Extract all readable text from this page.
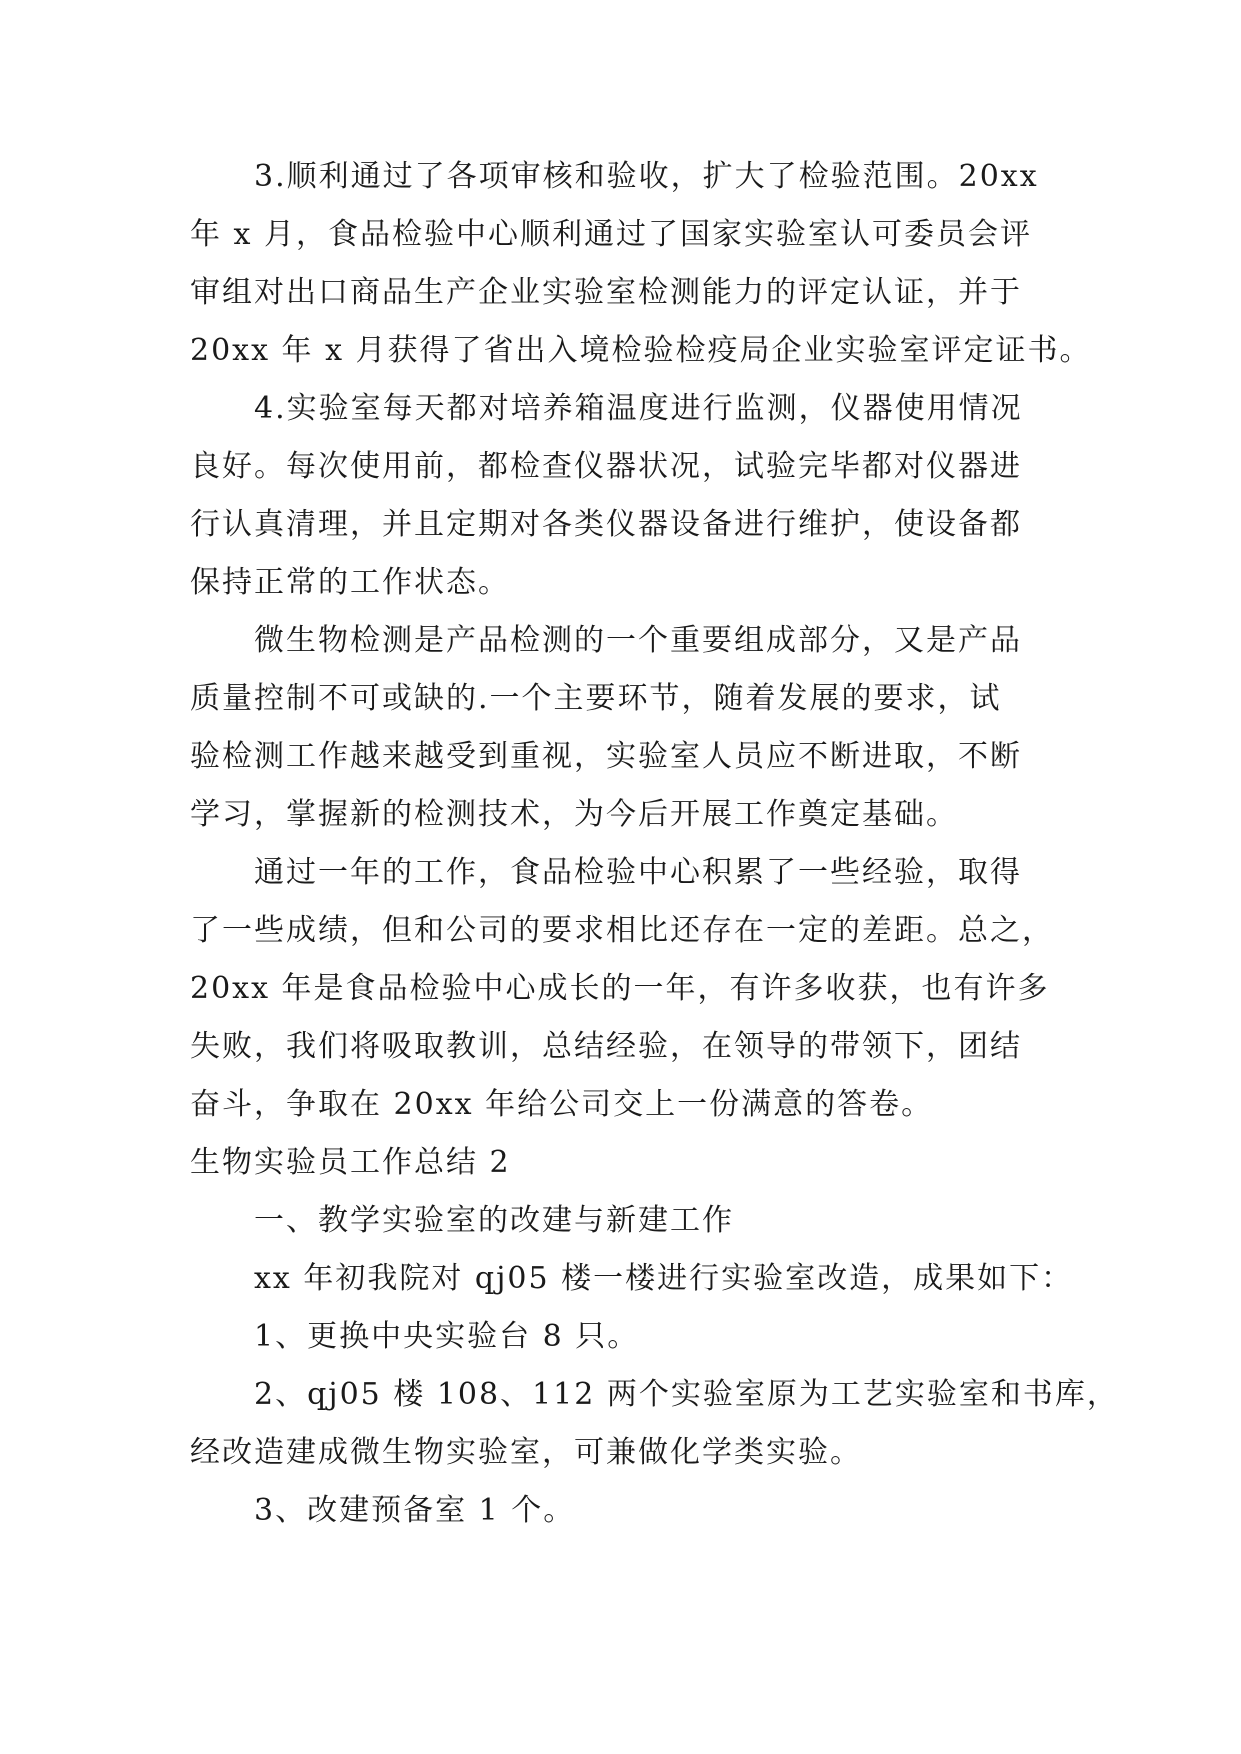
3.顺利通过了各项审核和验收，扩大了检验范围。20xx
年 x 月，食品检验中心顺利通过了国家实验室认可委员会评
审组对出口商品生产企业实验室检测能力的评定认证，并于
20xx 年 x 月获得了省出入境检验检疫局企业实验室评定证书。
4.实验室每天都对培养箱温度进行监测，仪器使用情况
良好。每次使用前，都检查仪器状况，试验完毕都对仪器进
行认真清理，并且定期对各类仪器设备进行维护，使设备都
保持正常的工作状态。
微生物检测是产品检测的一个重要组成部分，又是产品
质量控制不可或缺的.一个主要环节，随着发展的要求，试
验检测工作越来越受到重视，实验室人员应不断进取，不断
学习，掌握新的检测技术，为今后开展工作奠定基础。
通过一年的工作，食品检验中心积累了一些经验，取得
了一些成绩，但和公司的要求相比还存在一定的差距。总之，
20xx 年是食品检验中心成长的一年，有许多收获，也有许多
失败，我们将吸取教训，总结经验，在领导的带领下，团结
奋斗，争取在 20xx 年给公司交上一份满意的答卷。
生物实验员工作总结 2
一、教学实验室的改建与新建工作
xx 年初我院对 qj05 楼一楼进行实验室改造，成果如下：
1、更换中央实验台 8 只。
2、qj05 楼 108、112 两个实验室原为工艺实验室和书库，
经改造建成微生物实验室，可兼做化学类实验。
3、改建预备室 1 个。
